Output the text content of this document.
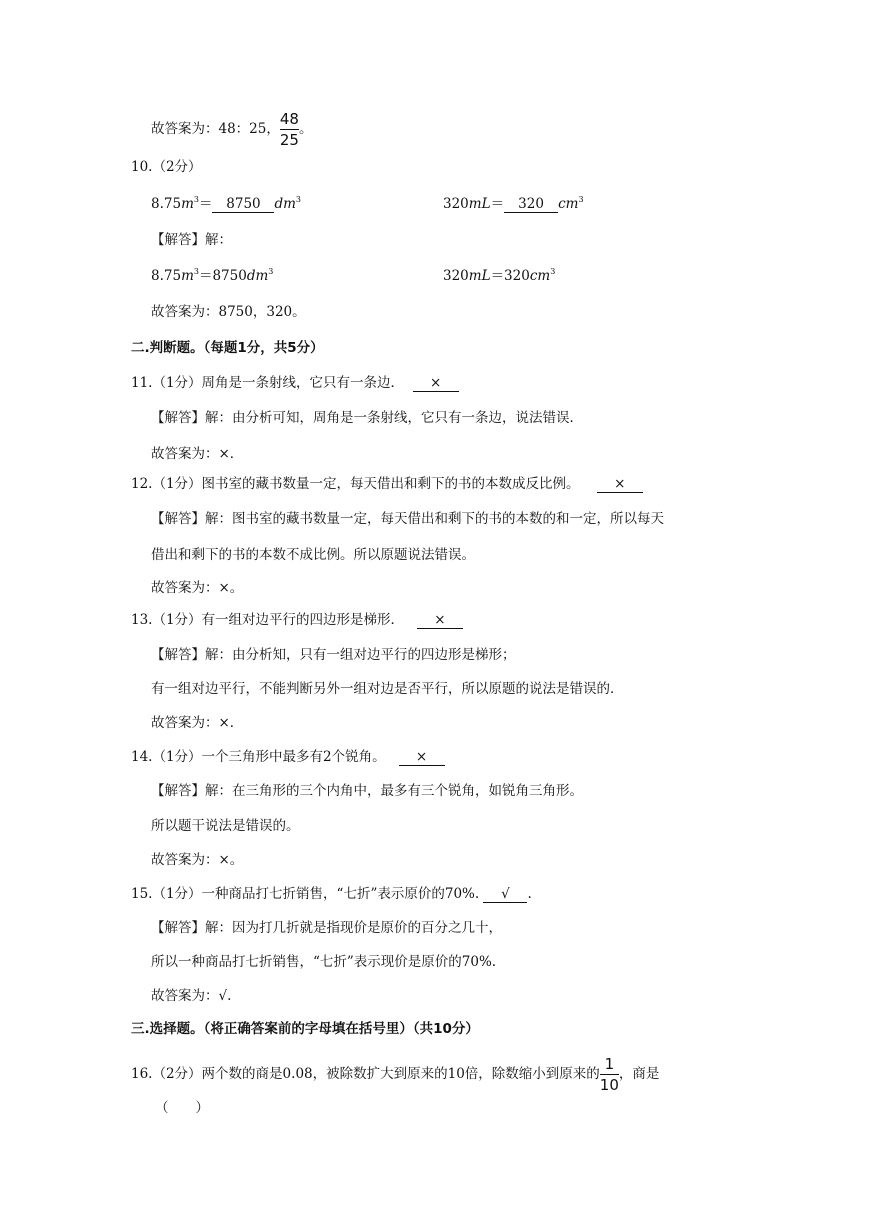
故答案为：48：25， $\frac{48}{25}$ 。
10.（2分）
$8.75m^3= 8750$ $dm^3$	320mL＝ 320 $cm^3$
【解答】解：
$8.75m^3=8750dm^3$	$320mL=320cm^3$
故答案为：8750，320。
二.判断题。（每题1分，共5分）
11.（1分）周角是一条射线，它只有一条边． ×
【解答】解：由分析可知，周角是一条射线，它只有一条边，说法错误．
故答案为：×．
12.（1分）图书室的藏书数量一定，每天借出和剩下的书的本数成反比例。	×
【解答】解：图书室的藏书数量一定，每天借出和剩下的书的本数的和一定，所以每天
借出和剩下的书的本数不成比例。所以原题说法错误。
故答案为：×。
13.（1分）有一组对边平行的四边形是梯形． ×
【解答】解：由分析知，只有一组对边平行的四边形是梯形；
有一组对边平行，不能判断另外一组对边是否平行，所以原题的说法是错误的．
故答案为：×．
14.（1分）一个三角形中最多有2个锐角。 ×
【解答】解：在三角形的三个内角中，最多有三个锐角，如锐角三角形。
所以题干说法是错误的。
故答案为：×。
15.（1分）一种商品打七折销售，“七折”表示原价的70%. √ .
【解答】解：因为打几折就是指现价是原价的百分之几十，
所以一种商品打七折销售，“七折”表示现价是原价的70%.
故答案为：√.
三.选择题。（将正确答案前的字母填在括号里）（共10分）
16.（2分）两个数的商是0.08，被除数扩大到原来的10倍，除数缩小到原来的 $\frac{1}{10}$ ，商是
（　　）
